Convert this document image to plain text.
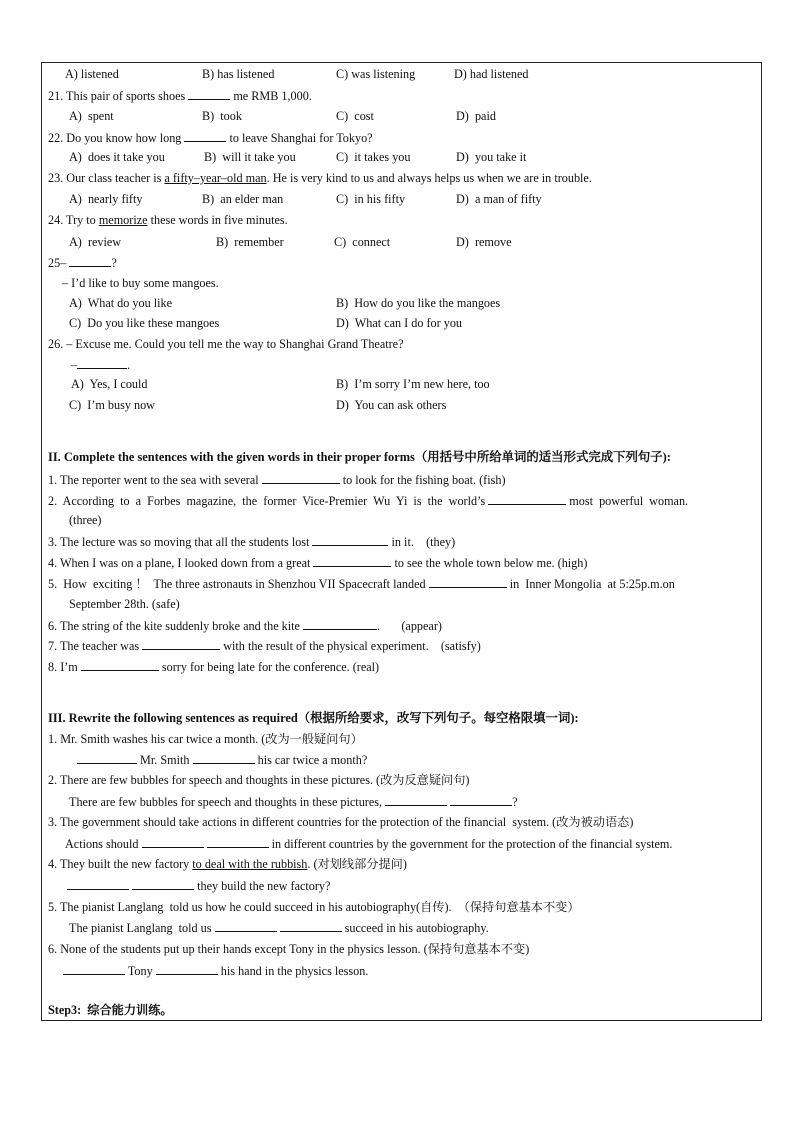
A) listened	B) has listened	C) was listening	D) had listened
21. This pair of sports shoes	me RMB 1,000.
A)  spent	B)  took	C)  cost	D)  paid
22. Do you know how long	to leave Shanghai for Tokyo?
A)  does it take you	B)  will it take you	C)  it takes you	D)  you take it
23. Our class teacher is a fifty–year–old man. He is very kind to us and always helps us when we are in trouble.
A)  nearly fifty	B)  an elder man	C)  in his fifty	D)  a man of fifty
24. Try to memorize these words in five minutes.
A)  review	B)  remember	C)  connect	D)  remove
25–	?
– I’d like to buy some mangoes.
A)  What do you like	B)  How do you like the mangoes
C)  Do you like these mangoes	D)  What can I do for you
26. – Excuse me. Could you tell me the way to Shanghai Grand Theatre?
–	.
A)  Yes, I could	B)  I’m sorry I’m new here, too
C)  I’m busy now	D)  You can ask others
II. Complete the sentences with the given words in their proper forms（用括号中所给单词的适当形式完成下列句子):
1. The reporter went to the sea with several	to look for the fishing boat. (fish)
2.  According  to  a  Forbes  magazine,  the  former  Vice-Premier  Wu  Yi  is  the  world’s	most  powerful  woman.
(three)
3. The lecture was so moving that all the students lost	in it.    (they)
4. When I was on a plane, I looked down from a great	to see the whole town below me. (high)
5.  How  exciting ！  The three astronauts in Shenzhou VII Spacecraft landed	in  Inner Mongolia  at 5:25p.m.on
September 28th. (safe)
6. The string of the kite suddenly broke and the kite	.       (appear)
7. The teacher was	with the result of the physical experiment.    (satisfy)
8. I’m	sorry for being late for the conference. (real)
III. Rewrite the following sentences as required（根据所给要求，改写下列句子。每空格限填一词):
1. Mr. Smith washes his car twice a month. (改为一般疑问句）
Mr. Smith	his car twice a month?
2. There are few bubbles for speech and thoughts in these pictures. (改为反意疑问句)
There are few bubbles for speech and thoughts in these pictures,	?
3. The government should take actions in different countries for the protection of the financial  system. (改为被动语态)
Actions should	in different countries by the government for the protection of the financial system.
4. They built the new factory to deal with the rubbish. (对划线部分提问)
they build the new factory?
5. The pianist Langlang  told us how he could succeed in his autobiography(自传).  （保持句意基本不变）
The pianist Langlang  told us	succeed in his autobiography.
6. None of the students put up their hands except Tony in the physics lesson. (保持句意基本不变)
Tony	his hand in the physics lesson.
Step3:  综合能力训练。
